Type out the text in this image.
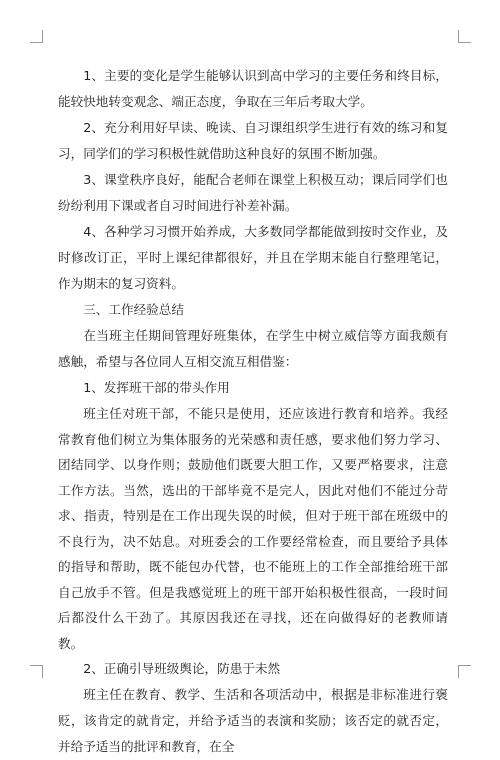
1、主要的变化是学生能够认识到高中学习的主要任务和终目标，能较快地转变观念、端正态度，争取在三年后考取大学。

2、充分利用好早读、晚读、自习课组织学生进行有效的练习和复习，同学们的学习积极性就借助这种良好的氛围不断加强。

3、课堂秩序良好，能配合老师在课堂上积极互动；课后同学们也纷纷利用下课或者自习时间进行补差补漏。

4、各种学习习惯开始养成，大多数同学都能做到按时交作业，及时修改订正，平时上课纪律都很好，并且在学期末能自行整理笔记，作为期末的复习资料。

三、工作经验总结

在当班主任期间管理好班集体，在学生中树立威信等方面我颇有感触，希望与各位同人互相交流互相借鉴：

1、发挥班干部的带头作用

班主任对班干部，不能只是使用，还应该进行教育和培养。我经常教育他们树立为集体服务的光荣感和责任感，要求他们努力学习、团结同学、以身作则；鼓励他们既要大胆工作，又要严格要求，注意工作方法。当然，选出的干部毕竟不是完人，因此对他们不能过分苛求、指责，特别是在工作出现失误的时候，但对于班干部在班级中的不良行为，决不姑息。对班委会的工作要经常检查，而且要给予具体的指导和帮助，既不能包办代替，也不能班上的工作全部推给班干部自己放手不管。但是我感觉班上的班干部开始积极性很高，一段时间后都没什么干劲了。其原因我还在寻找，还在向做得好的老教师请教。

2、正确引导班级舆论，防患于未然

班主任在教育、教学、生活和各项活动中，根据是非标准进行褒贬，该肯定的就肯定，并给予适当的表演和奖励；该否定的就否定，并给予适当的批评和教育，在全
